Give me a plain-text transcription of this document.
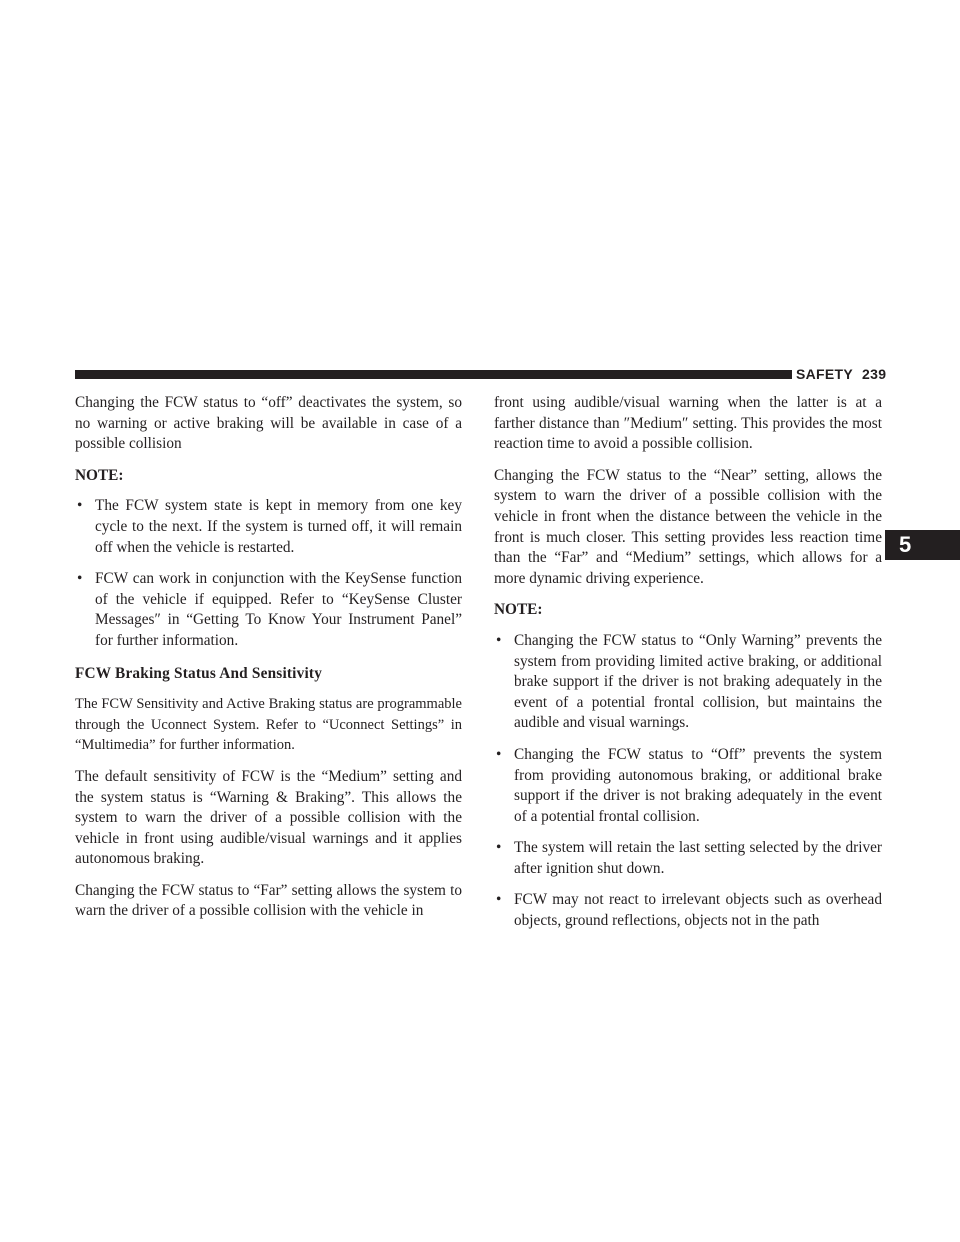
SAFETY 239
5

Changing the FCW status to “off” deactivates the system, so no warning or active braking will be available in case of a possible collision

NOTE:
• The FCW system state is kept in memory from one key cycle to the next. If the system is turned off, it will remain off when the vehicle is restarted.
• FCW can work in conjunction with the KeySense function of the vehicle if equipped. Refer to “KeySense Cluster Messages″ in “Getting To Know Your Instrument Panel” for further information.
FCW Braking Status And Sensitivity

The FCW Sensitivity and Active Braking status are programmable through the Uconnect System. Refer to “Uconnect Settings” in “Multimedia” for further information.

The default sensitivity of FCW is the “Medium” setting and the system status is “Warning & Braking”. This allows the system to warn the driver of a possible collision with the vehicle in front using audible/visual warnings and it applies autonomous braking.

Changing the FCW status to “Far” setting allows the system to warn the driver of a possible collision with the vehicle in

front using audible/visual warning when the latter is at a farther distance than ″Medium″ setting. This provides the most reaction time to avoid a possible collision.

Changing the FCW status to the “Near” setting, allows the system to warn the driver of a possible collision with the vehicle in front when the distance between the vehicle in the front is much closer. This setting provides less reaction time than the “Far” and “Medium” settings, which allows for a more dynamic driving experience.

NOTE:
• Changing the FCW status to “Only Warning” prevents the system from providing limited active braking, or additional brake support if the driver is not braking adequately in the event of a potential frontal collision, but maintains the audible and visual warnings.
• Changing the FCW status to “Off” prevents the system from providing autonomous braking, or additional brake support if the driver is not braking adequately in the event of a potential frontal collision.
• The system will retain the last setting selected by the driver after ignition shut down.
• FCW may not react to irrelevant objects such as overhead objects, ground reflections, objects not in the path
